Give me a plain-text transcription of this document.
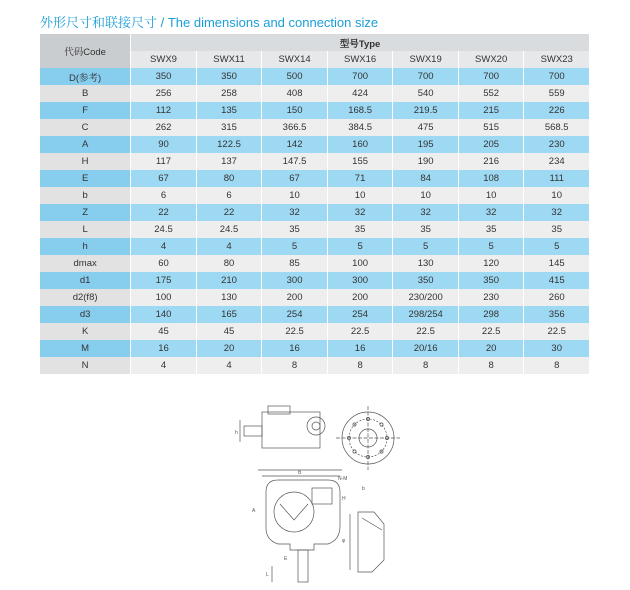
外形尺寸和联接尺寸 / The dimensions and connection size
代码Code	型号Type						
	SWX9	SWX11	SWX14	SWX16	SWX19	SWX20	SWX23
D(参考)	350	350	500	700	700	700	700
B	256	258	408	424	540	552	559
F	112	135	150	168.5	219.5	215	226
C	262	315	366.5	384.5	475	515	568.5
A	90	122.5	142	160	195	205	230
H	117	137	147.5	155	190	216	234
E	67	80	67	71	84	108	111
b	6	6	10	10	10	10	10
Z	22	22	32	32	32	32	32
L	24.5	24.5	35	35	35	35	35
h	4	4	5	5	5	5	5
dmax	60	80	85	100	130	120	145
d1	175	210	300	300	350	350	415
d2(f8)	100	130	200	200	230/200	230	260
d3	140	165	254	254	298/254	298	356
K	45	45	22.5	22.5	22.5	22.5	22.5
M	16	20	16	16	20/16	20	30
N	4	4	8	8	8	8	8
h
N-M
b
φ
L
B
A
H
E
